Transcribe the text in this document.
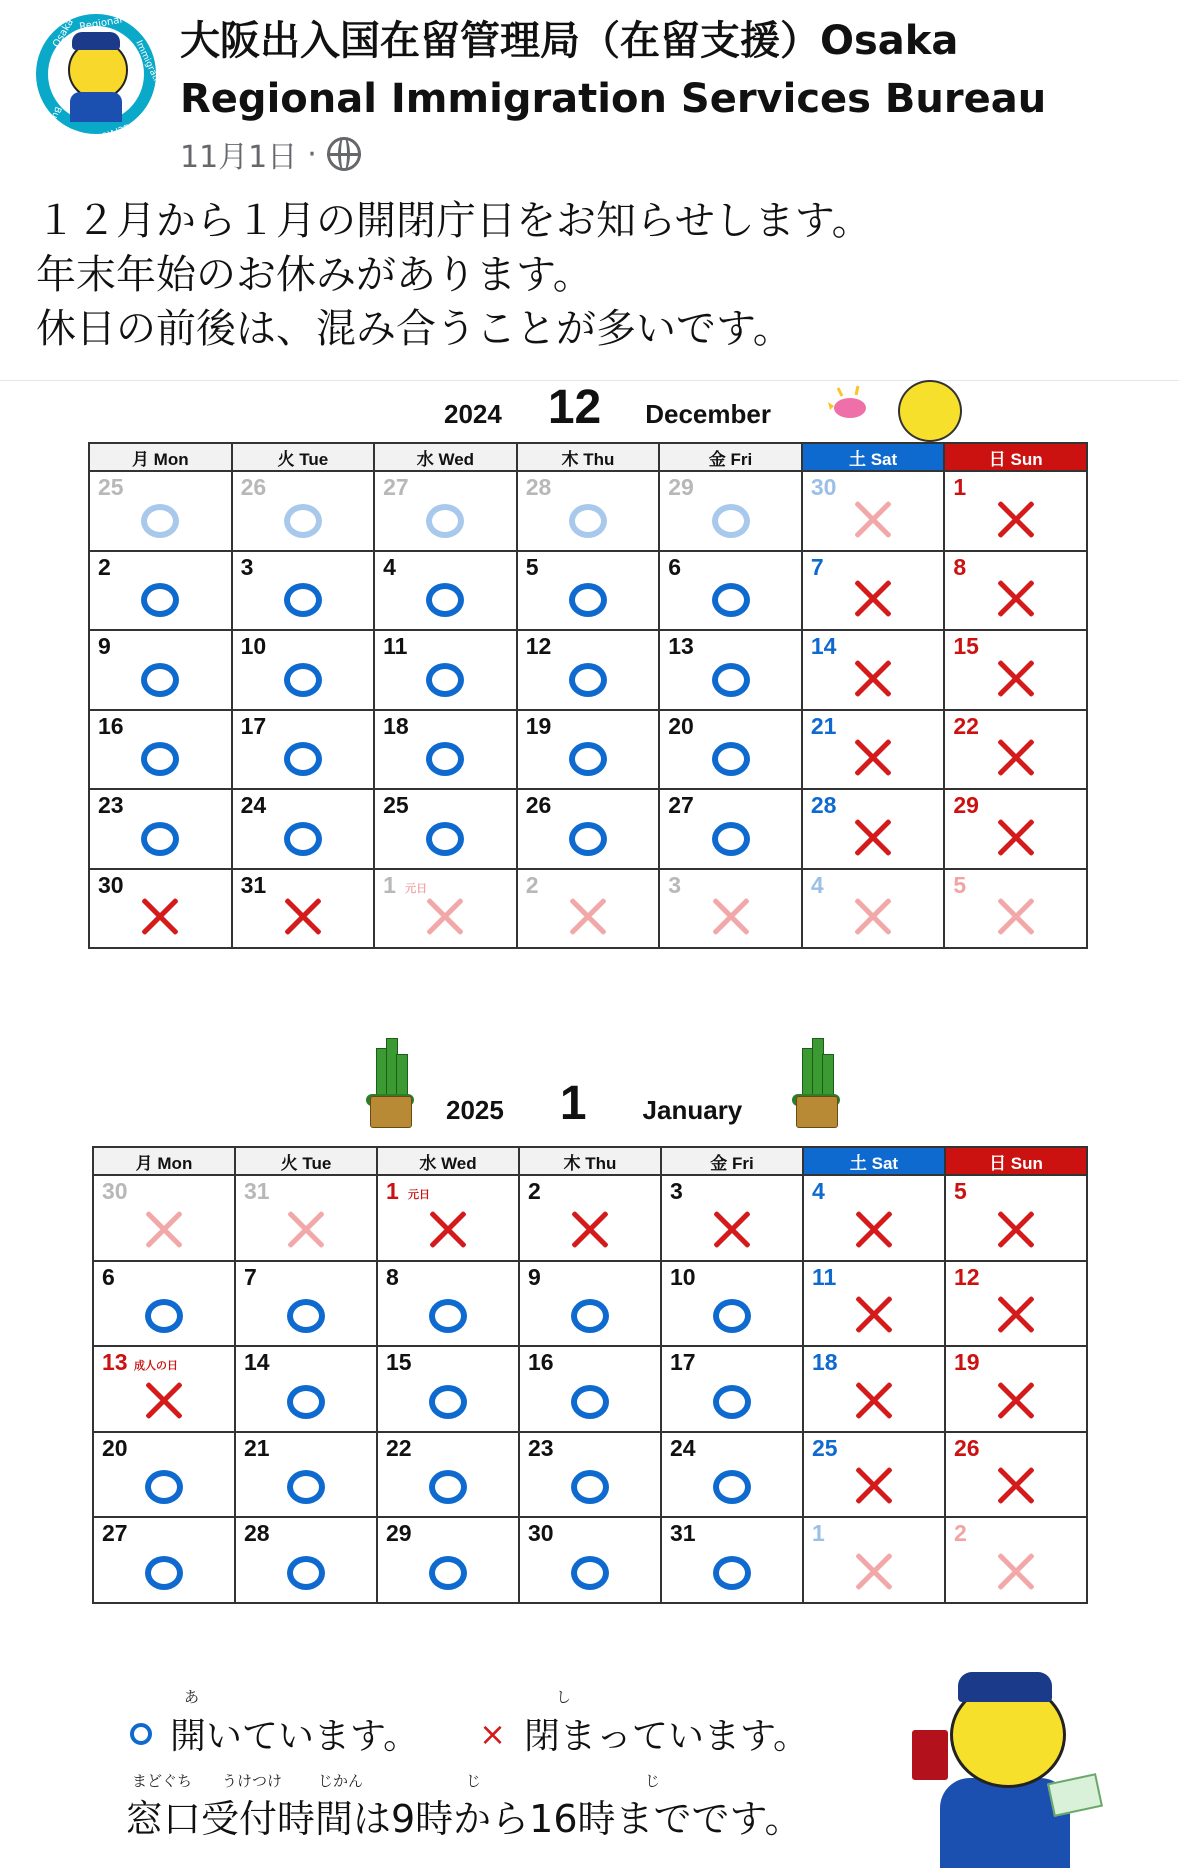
Osaka Regional
Immigration
Services
Bureau
大阪出入国在留管理局（在留支援）Osaka
Regional Immigration Services Bureau
11月1日 ·
１２月から１月の開閉庁日をお知らせします。
年末年始のお休みがあります。
休日の前後は、混み合うことが多いです。
2024 12 December
月 Mon	火 Tue	水 Wed	木 Thu	金 Fri	土 Sat	日 Sun

25	26	27	28	29	30	1

2	3	4	5	6	7	8

9	10	11	12	13	14	15

16	17	18	19	20	21	22

23	24	25	26	27	28	29

30	31	1 元日	2	3	4	5
2025 1 January
月 Mon	火 Tue	水 Wed	木 Thu	金 Fri	土 Sat	日 Sun

30	31	1 元日	2	3	4	5

6	7	8	9	10	11	12

13 成人の日	14	15	16	17	18	19

20	21	22	23	24	25	26

27	28	29	30	31	1	2
あ	し
開いています。 × 閉まっています。
まどぐち うけつけ じかん	じ	じ
窓口受付時間は9時から16時までです。
